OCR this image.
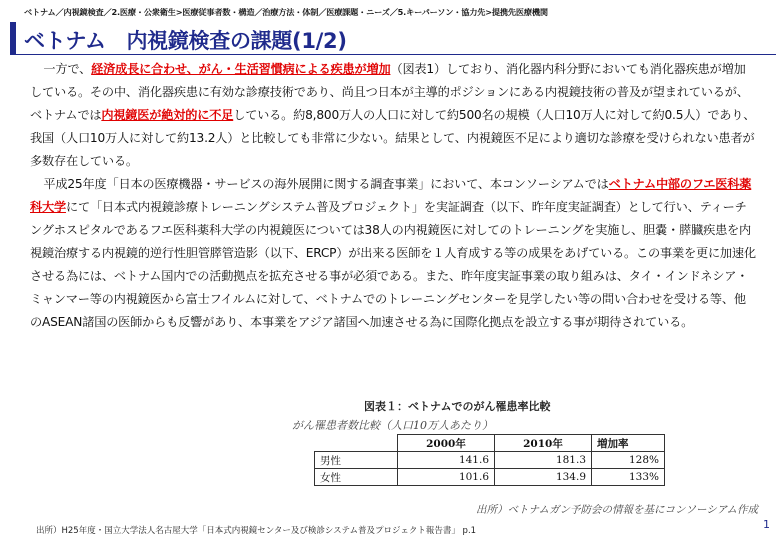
ベトナム／内視鏡検査／2.医療・公衆衛生>医療従事者数・構造／治療方法・体制／医療課題・ニーズ／5.キーパーソン・協力先>提携先医療機関
ベトナム　内視鏡検査の課題(1/2)

一方で、経済成長に合わせ、がん・生活習慣病による疾患が増加（図表1）しており、消化器内科分野においても消化器疾患が増加している。その中、消化器疾患に有効な診療技術であり、尚且つ日本が主導的ポジションにある内視鏡技術の普及が望まれているが、ベトナムでは内視鏡医が絶対的に不足している。約8,800万人の人口に対して約500名の規模（人口10万人に対して約0.5人）であり、我国（人口10万人に対して約13.2人）と比較しても非常に少ない。結果として、内視鏡医不足により適切な診療を受けられない患者が多数存在している。

平成25年度「日本の医療機器・サービスの海外展開に関する調査事業」において、本コンソーシアムではベトナム中部のフエ医科薬科大学にて「日本式内視鏡診療トレーニングシステム普及プロジェクト」を実証調査（以下、昨年度実証調査）として行い、ティーチングホスピタルであるフエ医科薬科大学の内視鏡医については38人の内視鏡医に対してのトレーニングを実施し、胆嚢・膵臓疾患を内視鏡治療する内視鏡的逆行性胆管膵管造影（以下、ERCP）が出来る医師を１人育成する等の成果をあげている。この事業を更に加速化させる為には、ベトナム国内での活動拠点を拡充させる事が必須である。また、昨年度実証事業の取り組みは、タイ・インドネシア・ミャンマー等の内視鏡医から富士フイルムに対して、ベトナムでのトレーニングセンターを見学したい等の問い合わせを受ける等、他のASEAN諸国の医師からも反響があり、本事業をアジア諸国へ加速させる為に国際化拠点を設立する事が期待されている。

図表１：ベトナムでのがん罹患率比較
がん罹患者数比較（人口10万人あたり）
	2000年	2010年	増加率
男性	141.6	181.3	128%
女性	101.6	134.9	133%
出所）ベトナムガン予防会の情報を基にコンソーシアム作成
出所）H25年度・国立大学法人名古屋大学「日本式内視鏡センター及び検診システム普及プロジェクト報告書」 p.1	1
